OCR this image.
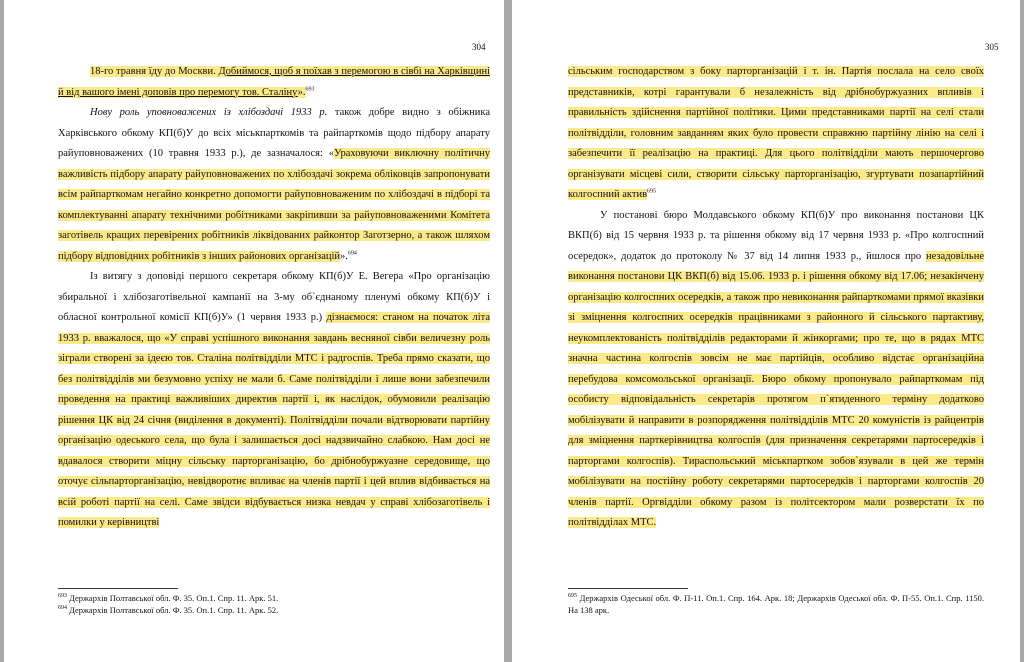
304

18-го травня їду до Москви. Добиймося, щоб я поїхав з перемогою в сівбі на Харківщині й від вашого імені доповів про перемогу тов. Сталіну».$^{693}$

Нову роль уповноважених із хлібоздачі 1933 р. також добре видно з обіжника Харківського обкому КП(б)У до всіх міськпарткомів та райпарткомів щодо підбору апарату райуповноважених (10 травня 1933 р.), де зазначалося: «Ураховуючи виключну політичну важливість підбору апарату райуповноважених по хлібоздачі зокрема обліковців запропонувати всім райпарткомам негайно конкретно допомогти райуповноваженим по хлібоздачі в підборі та комплектуванні апарату технічними робітниками закріпивши за райуповноваженими Комітета заготівель кращих перевірених робітників ліквідованих райконтор Заготзерно, а також шляхом підбору відповідних робітників з інших районових організацій».$^{694}$

Із витягу з доповіді першого секретаря обкому КП(б)У Е. Вегера «Про організацію збиральної і хлібозаготівельної кампанії на 3-му об`єднаному пленумі обкому КП(б)У і обласної контрольної комісії КП(б)У» (1 червня 1933 р.) дізнаємося: станом на початок літа 1933 р. вважалося, що «У справі успішного виконання завдань весняної сівби величезну роль зіграли створені за ідеєю тов. Сталіна політвідділи МТС і радгоспів. Треба прямо сказати, що без політвідділів ми безумовно успіху не мали б. Саме політвідділи і лише вони забезпечили проведення на практиці важливіших директив партії і, як наслідок, обумовили реалізацію рішення ЦК від 24 січня (виділення в документі). Політвідділи почали відтворювати партійну організацію одеського села, що була і залишається досі надзвичайно слабкою. Нам досі не вдавалося створити міцну сільську парторганізацію, бо дрібнобуржуазне середовище, що оточує сільпарторганізацію, невідворотнє впливає на членів партії і цей вплив відбивається на всій роботі партії на селі. Саме звідси відбувається низка невдач у справі хлібозаготівель і помилки у керівництві

$^{693}$ Держархів Полтавської обл. Ф. 35. Оп.1. Спр. 11. Арк. 51.

$^{694}$ Держархів Полтавської обл. Ф. 35. Оп.1. Спр. 11. Арк. 52.

305

сільським господарством з боку парторганізацій і т. ін. Партія послала на село своїх представників, котрі гарантували б незалежність від дрібнобуржуазних впливів і правильність здійснення партійної політики. Цими представниками партії на селі стали політвідділи, головним завданням яких було провести справжню партійну лінію на селі і забезпечити її реалізацію на практиці. Для цього політвідділи мають першочергово організувати місцеві сили, створити сільську парторганізацію, згуртувати позапартійний колгоспний актив$^{695}$

У постанові бюро Молдавського обкому КП(б)У про виконання постанови ЦК ВКП(б) від 15 червня 1933 р. та рішення обкому від 17 червня 1933 р. «Про колгоспний осередок», додаток до протоколу № 37 від 14 липня 1933 р., йшлося про незадовільне виконання постанови ЦК ВКП(б) від 15.06. 1933 р. і рішення обкому від 17.06; незакінчену організацію колгоспних осередків, а також про невиконання райпарткомами прямої вказівки зі зміцнення колгоспних осередків працівниками з районного й сільського партактиву, неукомплектованість політвідділів редакторами й жінкоргами; про те, що в рядах МТС значна частина колгоспів зовсім не має партійців, особливо відстає організаційна перебудова комсомольської організації. Бюро обкому пропонувало райпарткомам під особисту відповідальність секретарів протягом п`ятиденного терміну додатково мобілізувати й направити в розпорядження політвідділів МТС 20 комуністів із райцентрів для зміцнення парткерівництва колгоспів (для призначення секретарями партосередків і парторгами колгоспів). Тираспольський міськпартком зобов`язували в цей же термін мобілізувати на постійну роботу секретарями партосередків і парторгами колгоспів 20 членів партії. Оргвідділи обкому разом із політсектором мали розверстати їх по політвідділах МТС.

$^{695}$ Держархів Одеської обл. Ф. П-11. Оп.1. Спр. 164. Арк. 18; Держархів Одеської обл. Ф. П-55. Оп.1. Спр. 1150. На 138 арк.
